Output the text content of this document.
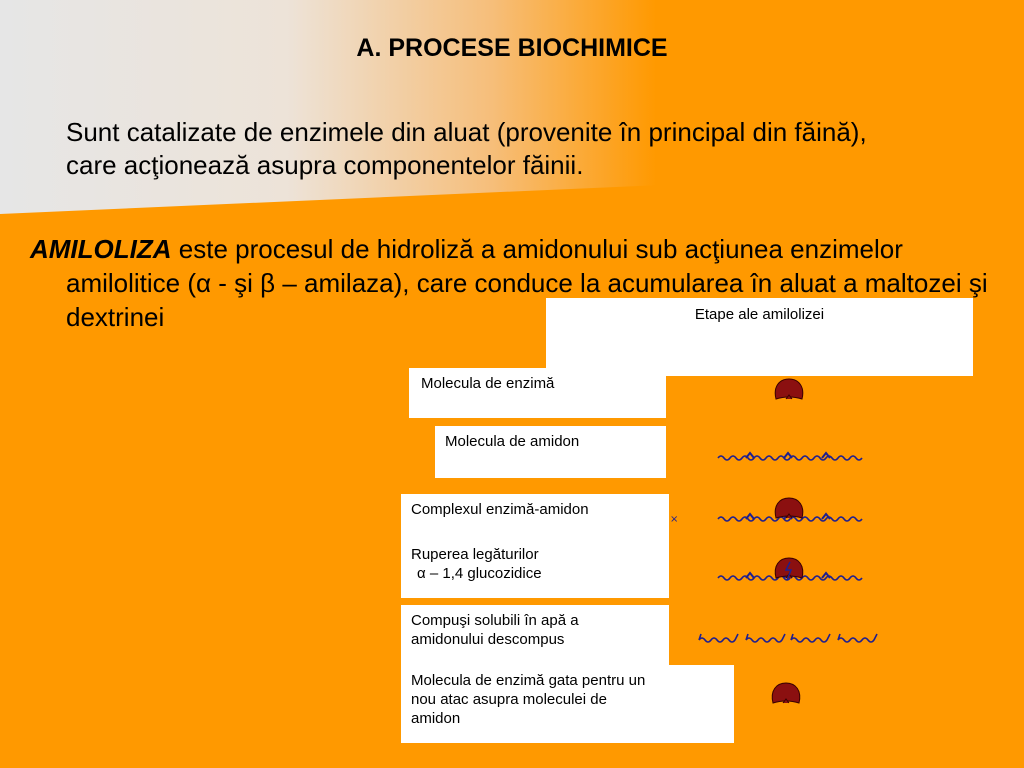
A. PROCESE BIOCHIMICE
Sunt catalizate de enzimele din aluat (provenite în principal din făină),
care acţionează asupra componentelor făinii.
AMILOLIZA este procesul de hidroliză a amidonului sub acţiunea enzimelor amilolitice (α - şi β – amilaza), care conduce la acumularea în aluat a maltozei şi dextrinei	Etape ale amilolizei
Molecula de enzimă
Molecula de amidon
Complexul enzimă-amidon
Ruperea legăturilor
α – 1,4 glucozidice
Compuşi solubili în apă a
amidonului descompus
Molecula de enzimă gata pentru un
nou atac asupra moleculei de
amidon
×
